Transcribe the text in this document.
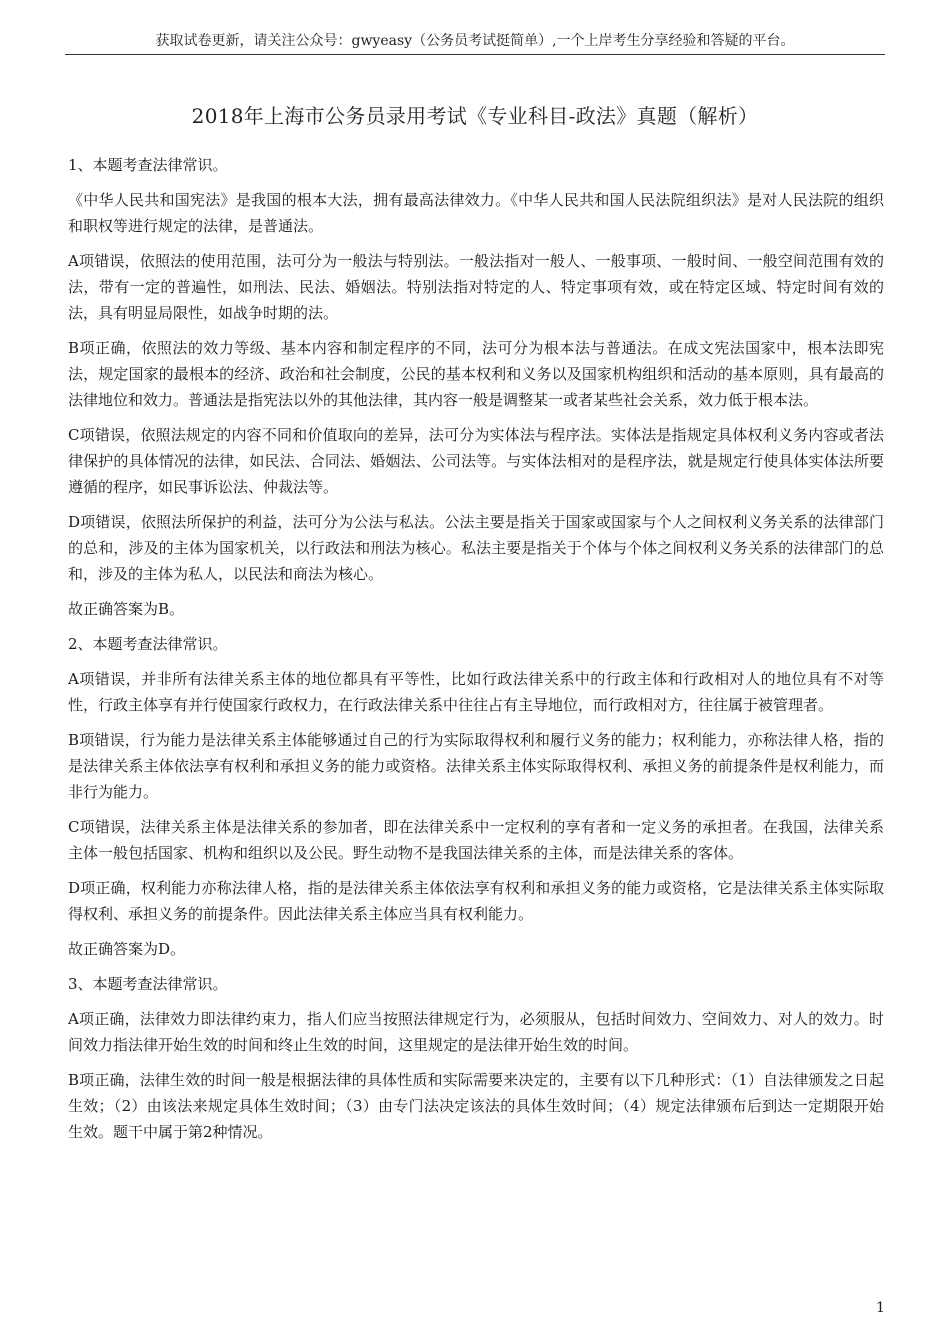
获取试卷更新，请关注公众号：gwyeasy（公务员考试挺简单）,一个上岸考生分享经验和答疑的平台。
2018年上海市公务员录用考试《专业科目-政法》真题（解析）

1、本题考查法律常识。

《中华人民共和国宪法》是我国的根本大法，拥有最高法律效力。《中华人民共和国人民法院组织法》是对人民法院的组织和职权等进行规定的法律，是普通法。

A项错误，依照法的使用范围，法可分为一般法与特别法。一般法指对一般人、一般事项、一般时间、一般空间范围有效的法，带有一定的普遍性，如刑法、民法、婚姻法。特别法指对特定的人、特定事项有效，或在特定区域、特定时间有效的法，具有明显局限性，如战争时期的法。

B项正确，依照法的效力等级、基本内容和制定程序的不同，法可分为根本法与普通法。在成文宪法国家中，根本法即宪法，规定国家的最根本的经济、政治和社会制度，公民的基本权利和义务以及国家机构组织和活动的基本原则，具有最高的法律地位和效力。普通法是指宪法以外的其他法律，其内容一般是调整某一或者某些社会关系，效力低于根本法。

C项错误，依照法规定的内容不同和价值取向的差异，法可分为实体法与程序法。实体法是指规定具体权利义务内容或者法律保护的具体情况的法律，如民法、合同法、婚姻法、公司法等。与实体法相对的是程序法，就是规定行使具体实体法所要遵循的程序，如民事诉讼法、仲裁法等。

D项错误，依照法所保护的利益，法可分为公法与私法。公法主要是指关于国家或国家与个人之间权利义务关系的法律部门的总和，涉及的主体为国家机关，以行政法和刑法为核心。私法主要是指关于个体与个体之间权利义务关系的法律部门的总和，涉及的主体为私人，以民法和商法为核心。

故正确答案为B。

2、本题考查法律常识。

A项错误，并非所有法律关系主体的地位都具有平等性，比如行政法律关系中的行政主体和行政相对人的地位具有不对等性，行政主体享有并行使国家行政权力，在行政法律关系中往往占有主导地位，而行政相对方，往往属于被管理者。

B项错误，行为能力是法律关系主体能够通过自己的行为实际取得权利和履行义务的能力；权利能力，亦称法律人格，指的是法律关系主体依法享有权利和承担义务的能力或资格。法律关系主体实际取得权利、承担义务的前提条件是权利能力，而非行为能力。

C项错误，法律关系主体是法律关系的参加者，即在法律关系中一定权利的享有者和一定义务的承担者。在我国，法律关系主体一般包括国家、机构和组织以及公民。野生动物不是我国法律关系的主体，而是法律关系的客体。

D项正确，权利能力亦称法律人格，指的是法律关系主体依法享有权利和承担义务的能力或资格，它是法律关系主体实际取得权利、承担义务的前提条件。因此法律关系主体应当具有权利能力。

故正确答案为D。

3、本题考查法律常识。

A项正确，法律效力即法律约束力，指人们应当按照法律规定行为，必须服从，包括时间效力、空间效力、对人的效力。时间效力指法律开始生效的时间和终止生效的时间，这里规定的是法律开始生效的时间。

B项正确，法律生效的时间一般是根据法律的具体性质和实际需要来决定的，主要有以下几种形式：（1）自法律颁发之日起生效；（2）由该法来规定具体生效时间；（3）由专门法决定该法的具体生效时间；（4）规定法律颁布后到达一定期限开始生效。题干中属于第2种情况。

1
